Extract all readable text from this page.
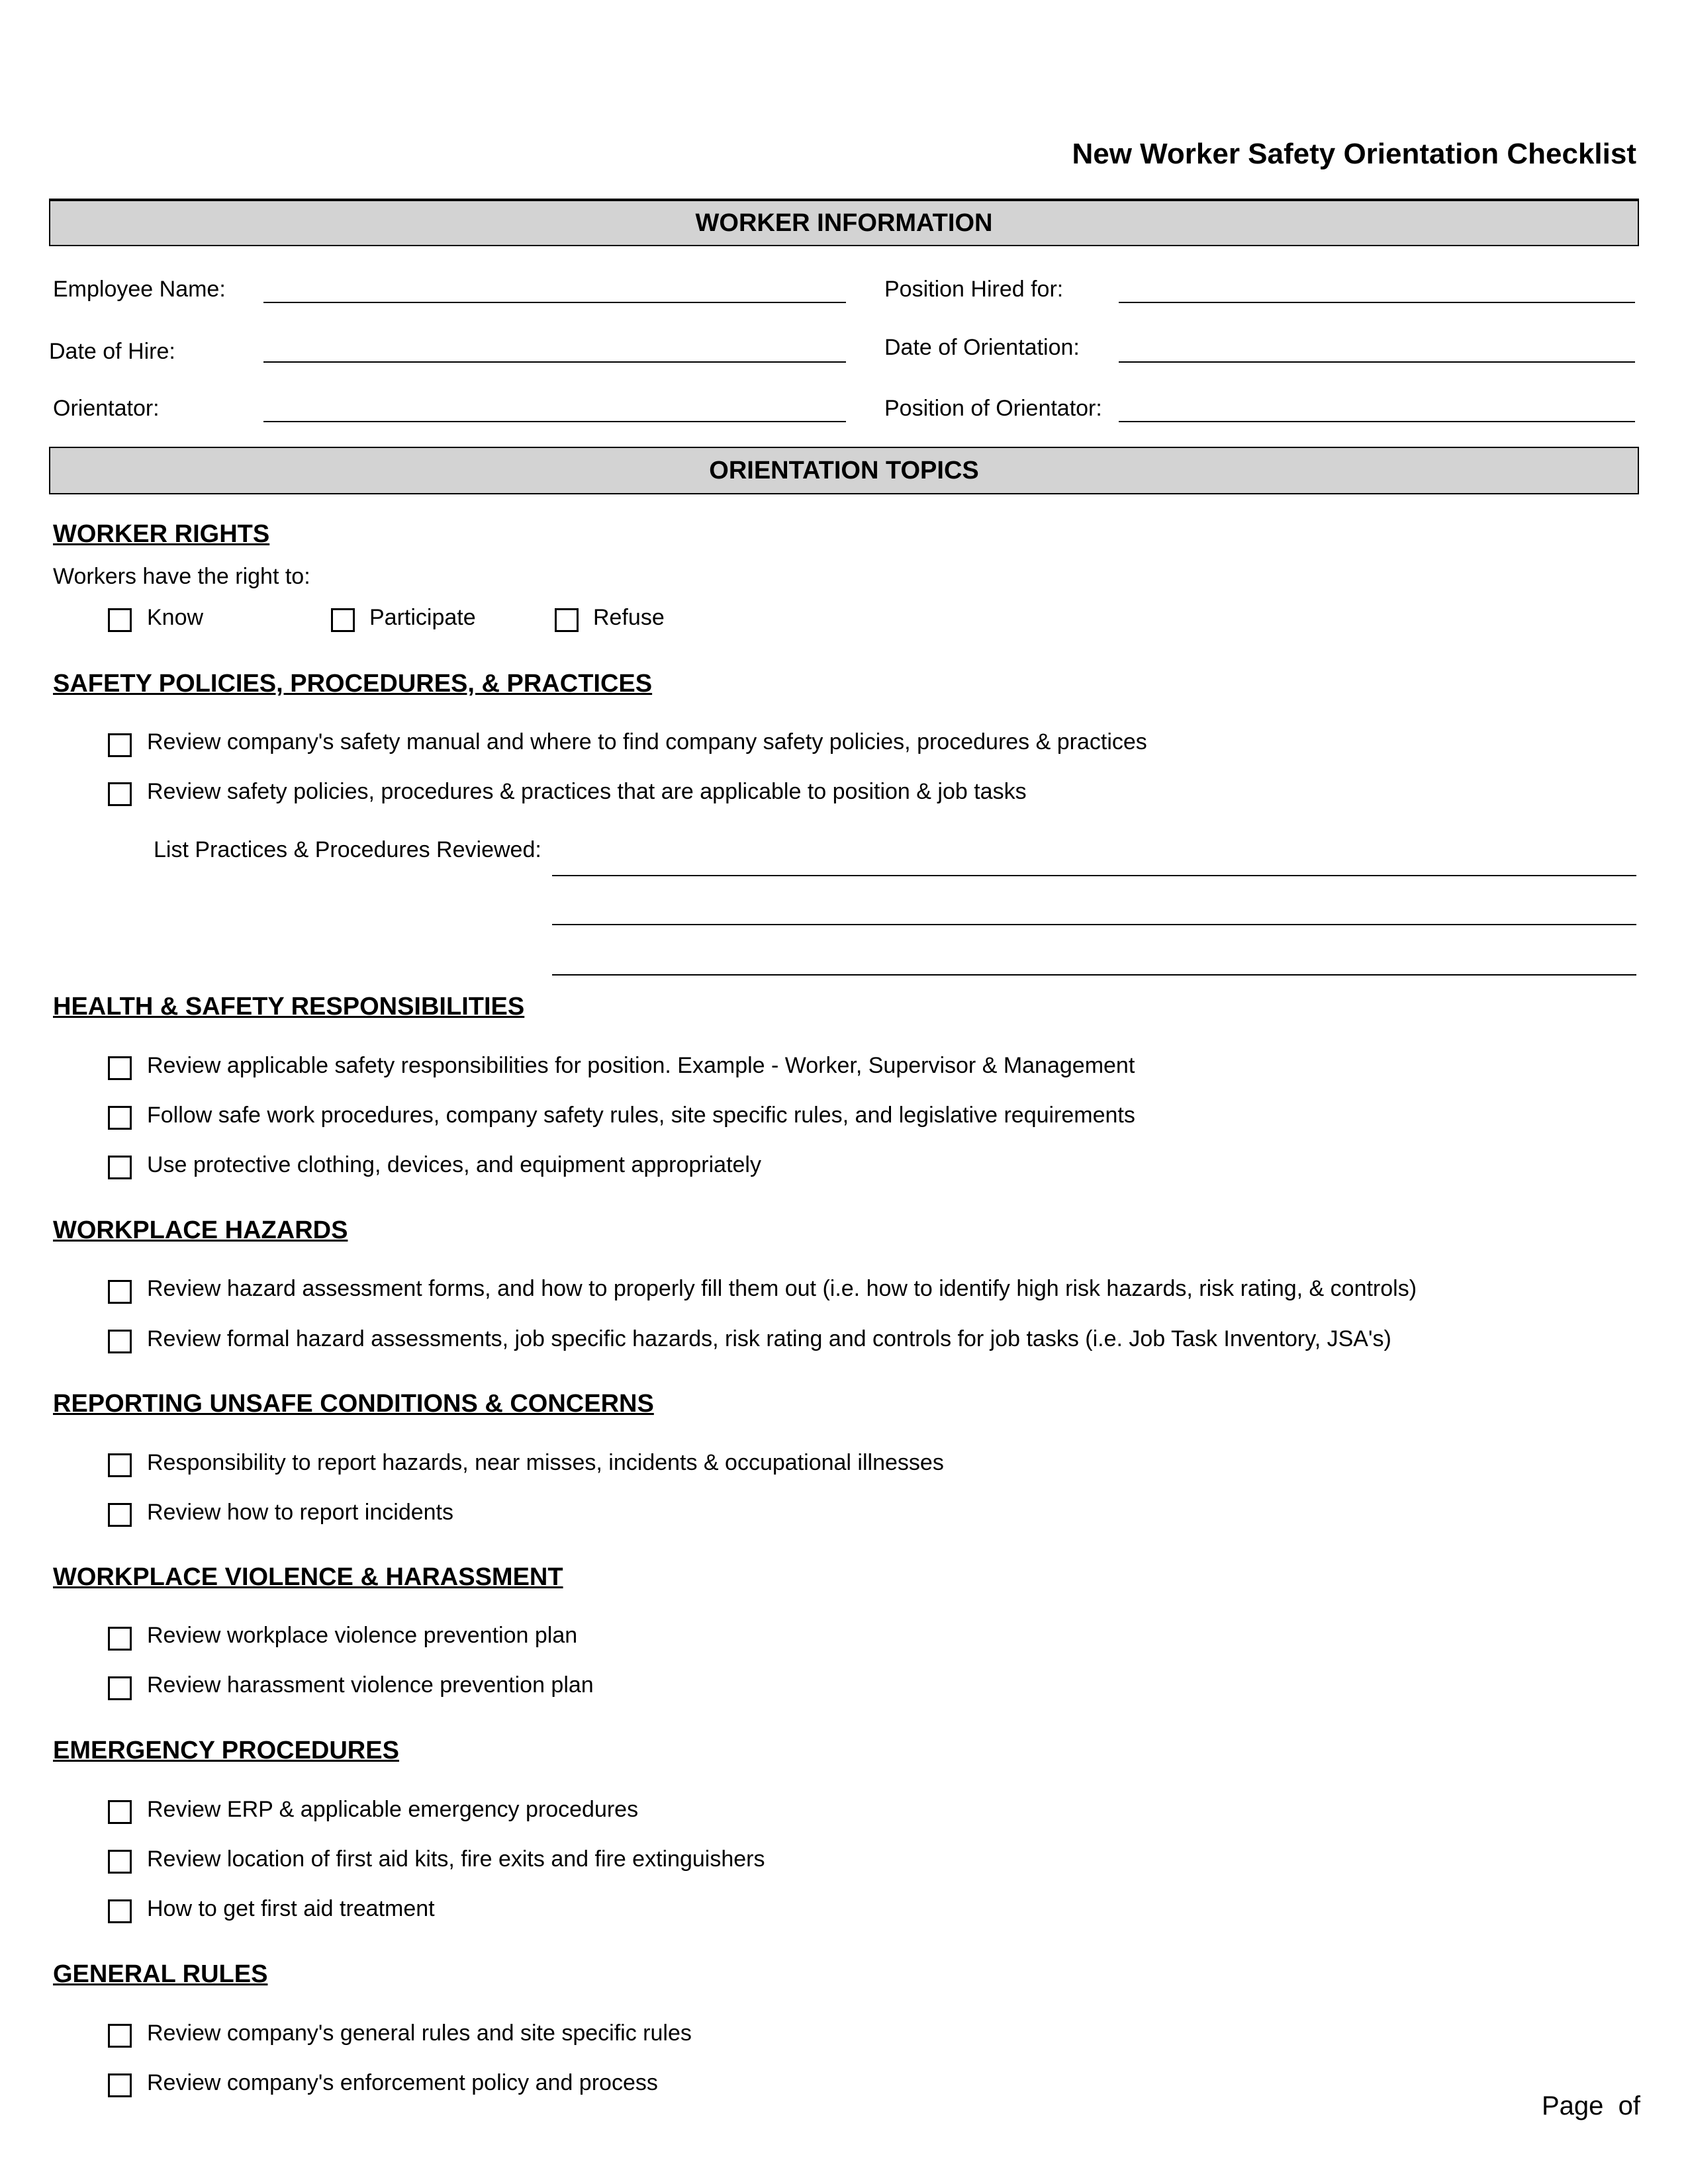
New Worker Safety Orientation Checklist
WORKER INFORMATION
Employee Name:	Position Hired for:
Date of Hire:	Date of Orientation:
Orientator:	Position of Orientator:
ORIENTATION TOPICS
WORKER RIGHTS
Workers have the right to:
Know	Participate	Refuse
SAFETY POLICIES, PROCEDURES, & PRACTICES
Review company's safety manual and where to find company safety policies, procedures & practices
Review safety policies, procedures & practices that are applicable to position & job tasks
List Practices & Procedures Reviewed:
HEALTH & SAFETY RESPONSIBILITIES
Review applicable safety responsibilities for position. Example - Worker, Supervisor & Management
Follow safe work procedures, company safety rules, site specific rules, and legislative requirements
Use protective clothing, devices, and equipment appropriately
WORKPLACE HAZARDS
Review hazard assessment forms, and how to properly fill them out (i.e. how to identify high risk hazards, risk rating, & controls)
Review formal hazard assessments, job specific hazards, risk rating and controls for job tasks (i.e. Job Task Inventory, JSA's)
REPORTING UNSAFE CONDITIONS & CONCERNS
Responsibility to report hazards, near misses, incidents & occupational illnesses
Review how to report incidents
WORKPLACE VIOLENCE & HARASSMENT
Review workplace violence prevention plan
Review harassment violence prevention plan
EMERGENCY PROCEDURES
Review ERP & applicable emergency procedures
Review location of first aid kits, fire exits and fire extinguishers
How to get first aid treatment
GENERAL RULES
Review company's general rules and site specific rules
Review company's enforcement policy and process
Page  of
